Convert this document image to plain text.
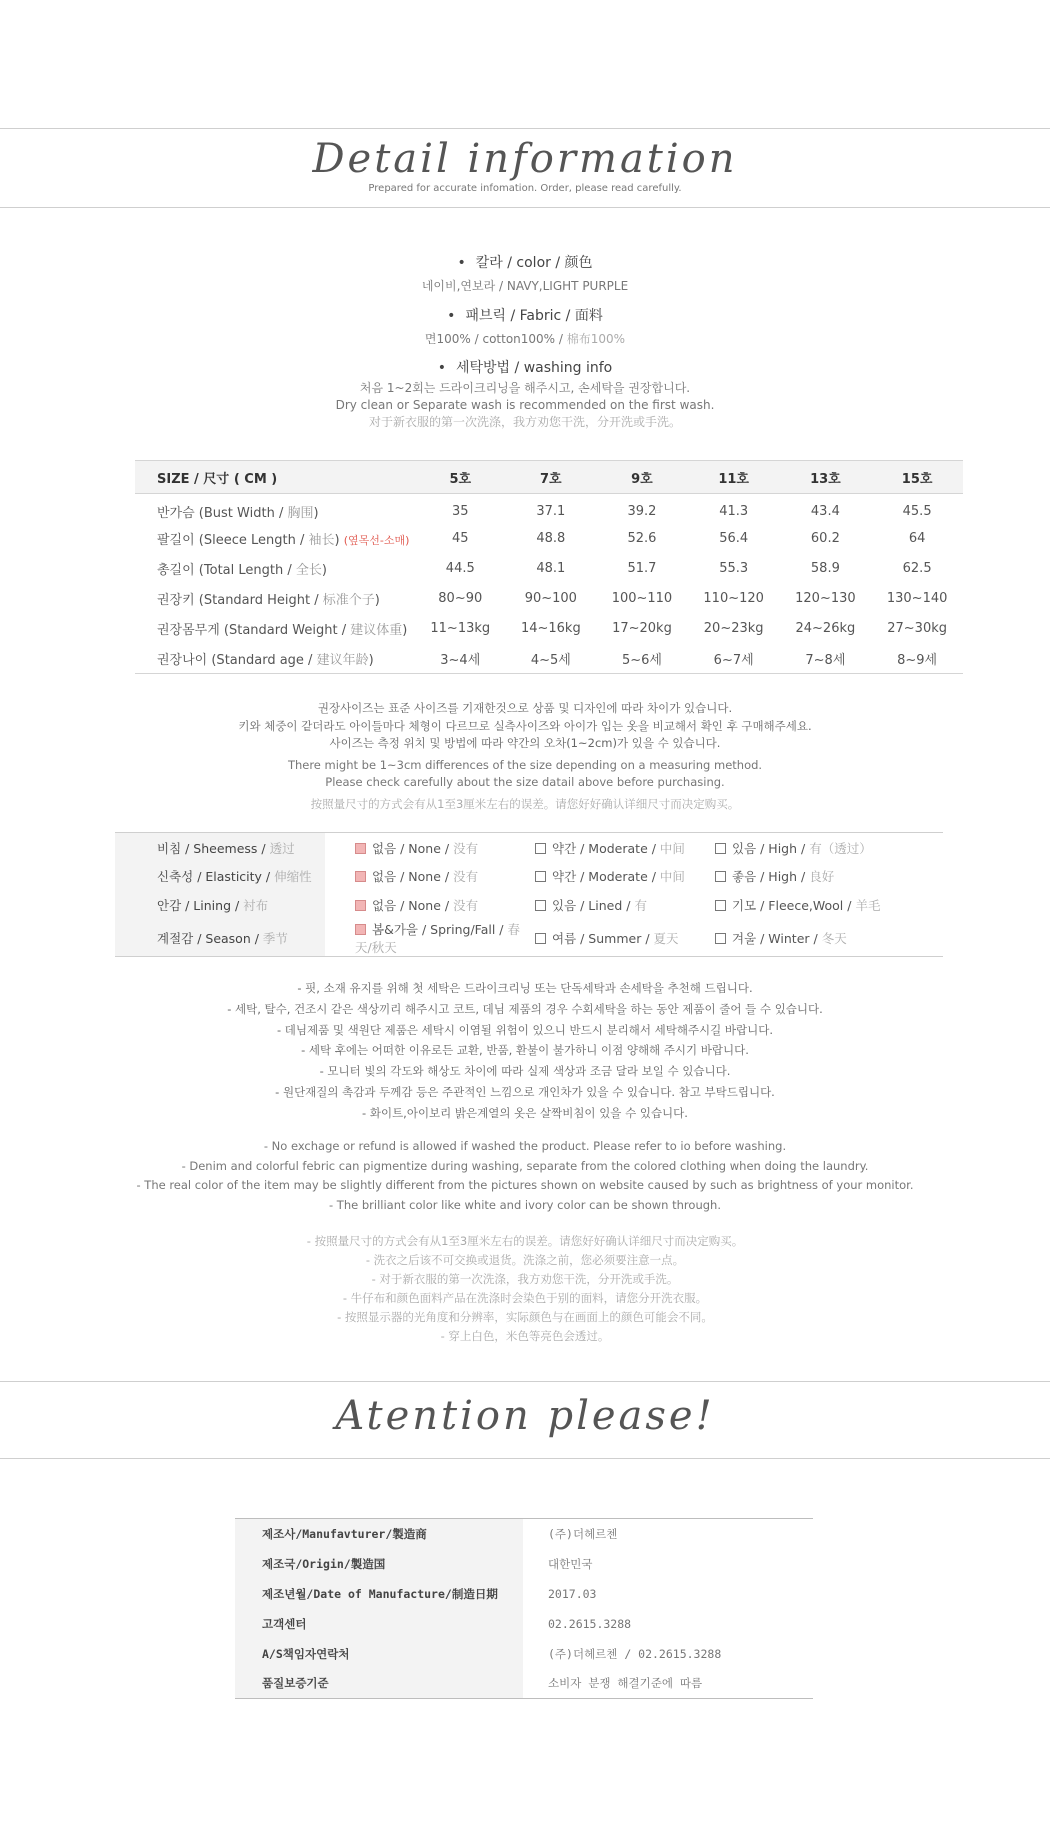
Detail information
Prepared for accurate infomation. Order, please read carefully.
• 칼라 / color / 颜色
네이비,연보라 / NAVY,LIGHT PURPLE
• 패브릭 / Fabric / 面料
면100% / cotton100% / 棉布100%
• 세탁방법 / washing info
처음 1~2회는 드라이크리닝을 해주시고, 손세탁을 권장합니다.
Dry clean or Separate wash is recommended on the first wash.
对于新衣服的第一次洗涤，我方劝您干洗，分开洗或手洗。
SIZE / 尺寸 ( CM )	5호	7호	9호	11호	13호	15호
반가슴 (Bust Width / 胸围)	35	37.1	39.2	41.3	43.4	45.5
팔길이 (Sleece Length / 袖长) (옆목선-소매)	45	48.8	52.6	56.4	60.2	64
총길이 (Total Length / 全长)	44.5	48.1	51.7	55.3	58.9	62.5
권장키 (Standard Height / 标准个子)	80~90	90~100	100~110	110~120	120~130	130~140
권장몸무게 (Standard Weight / 建议体重)	11~13kg	14~16kg	17~20kg	20~23kg	24~26kg	27~30kg
권장나이 (Standard age / 建议年龄)	3~4세	4~5세	5~6세	6~7세	7~8세	8~9세
권장사이즈는 표준 사이즈를 기재한것으로 상품 및 디자인에 따라 차이가 있습니다.
키와 체중이 같더라도 아이들마다 체형이 다르므로 실측사이즈와 아이가 입는 옷을 비교해서 확인 후 구매해주세요.
사이즈는 측정 위치 및 방법에 따라 약간의 오차(1~2cm)가 있을 수 있습니다.
There might be 1~3cm differences of the size depending on a measuring method.
Please check carefully about the size datail above before purchasing.
按照量尺寸的方式会有从1至3厘米左右的误差。请您好好确认详细尺寸而决定购买。
비침 / Sheemess / 透过	없음 / None / 没有	약간 / Moderate / 中间	있음 / High / 有（透过）
신축성 / Elasticity / 伸缩性	없음 / None / 没有	약간 / Moderate / 中间	좋음 / High / 良好
안감 / Lining / 衬布	없음 / None / 没有	있음 / Lined / 有	기모 / Fleece,Wool / 羊毛
계절감 / Season / 季节	봄&가을 / Spring/Fall / 春天/秋天	여름 / Summer / 夏天	겨울 / Winter / 冬天
- 핏, 소재 유지를 위해 첫 세탁은 드라이크리닝 또는 단독세탁과 손세탁을 추천해 드립니다.
- 세탁, 탈수, 건조시 같은 색상끼리 해주시고 코트, 데님 제품의 경우 수회세탁을 하는 동안 제품이 줄어 들 수 있습니다.
- 데님제품 및 색원단 제품은 세탁시 이염될 위험이 있으니 반드시 분리해서 세탁해주시길 바랍니다.
- 세탁 후에는 어떠한 이유로든 교환, 반품, 환불이 불가하니 이점 양해해 주시기 바랍니다.
- 모니터 빛의 각도와 해상도 차이에 따라 실제 색상과 조금 달라 보일 수 있습니다.
- 원단재질의 촉감과 두께감 등은 주관적인 느낌으로 개인차가 있을 수 있습니다. 참고 부탁드립니다.
- 화이트,아이보리 밝은계열의 옷은 살짝비침이 있을 수 있습니다.
- No exchage or refund is allowed if washed the product. Please refer to io before washing.
- Denim and colorful febric can pigmentize during washing, separate from the colored clothing when doing the laundry.
- The real color of the item may be slightly different from the pictures shown on website caused by such as brightness of your monitor.
- The brilliant color like white and ivory color can be shown through.
- 按照量尺寸的方式会有从1至3厘米左右的误差。请您好好确认详细尺寸而决定购买。
- 洗衣之后该不可交换或退货。洗涤之前，您必须要注意一点。
- 对于新衣服的第一次洗涤，我方劝您干洗，分开洗或手洗。
- 牛仔布和颜色面料产品在洗涤时会染色于别的面料，请您分开洗衣服。
- 按照显示器的光角度和分辨率，实际颜色与在画面上的颜色可能会不同。
- 穿上白色，米色等亮色会透过。
Atention please!
제조사/Manufavturer/製造商	(주)더헤르첸
제조국/Origin/製造国	대한민국
제조년월/Date of Manufacture/制造日期	2017.03
고객센터	02.2615.3288
A/S책임자연락처	(주)더헤르첸 / 02.2615.3288
품질보증기준	소비자 분쟁 해결기준에 따름
